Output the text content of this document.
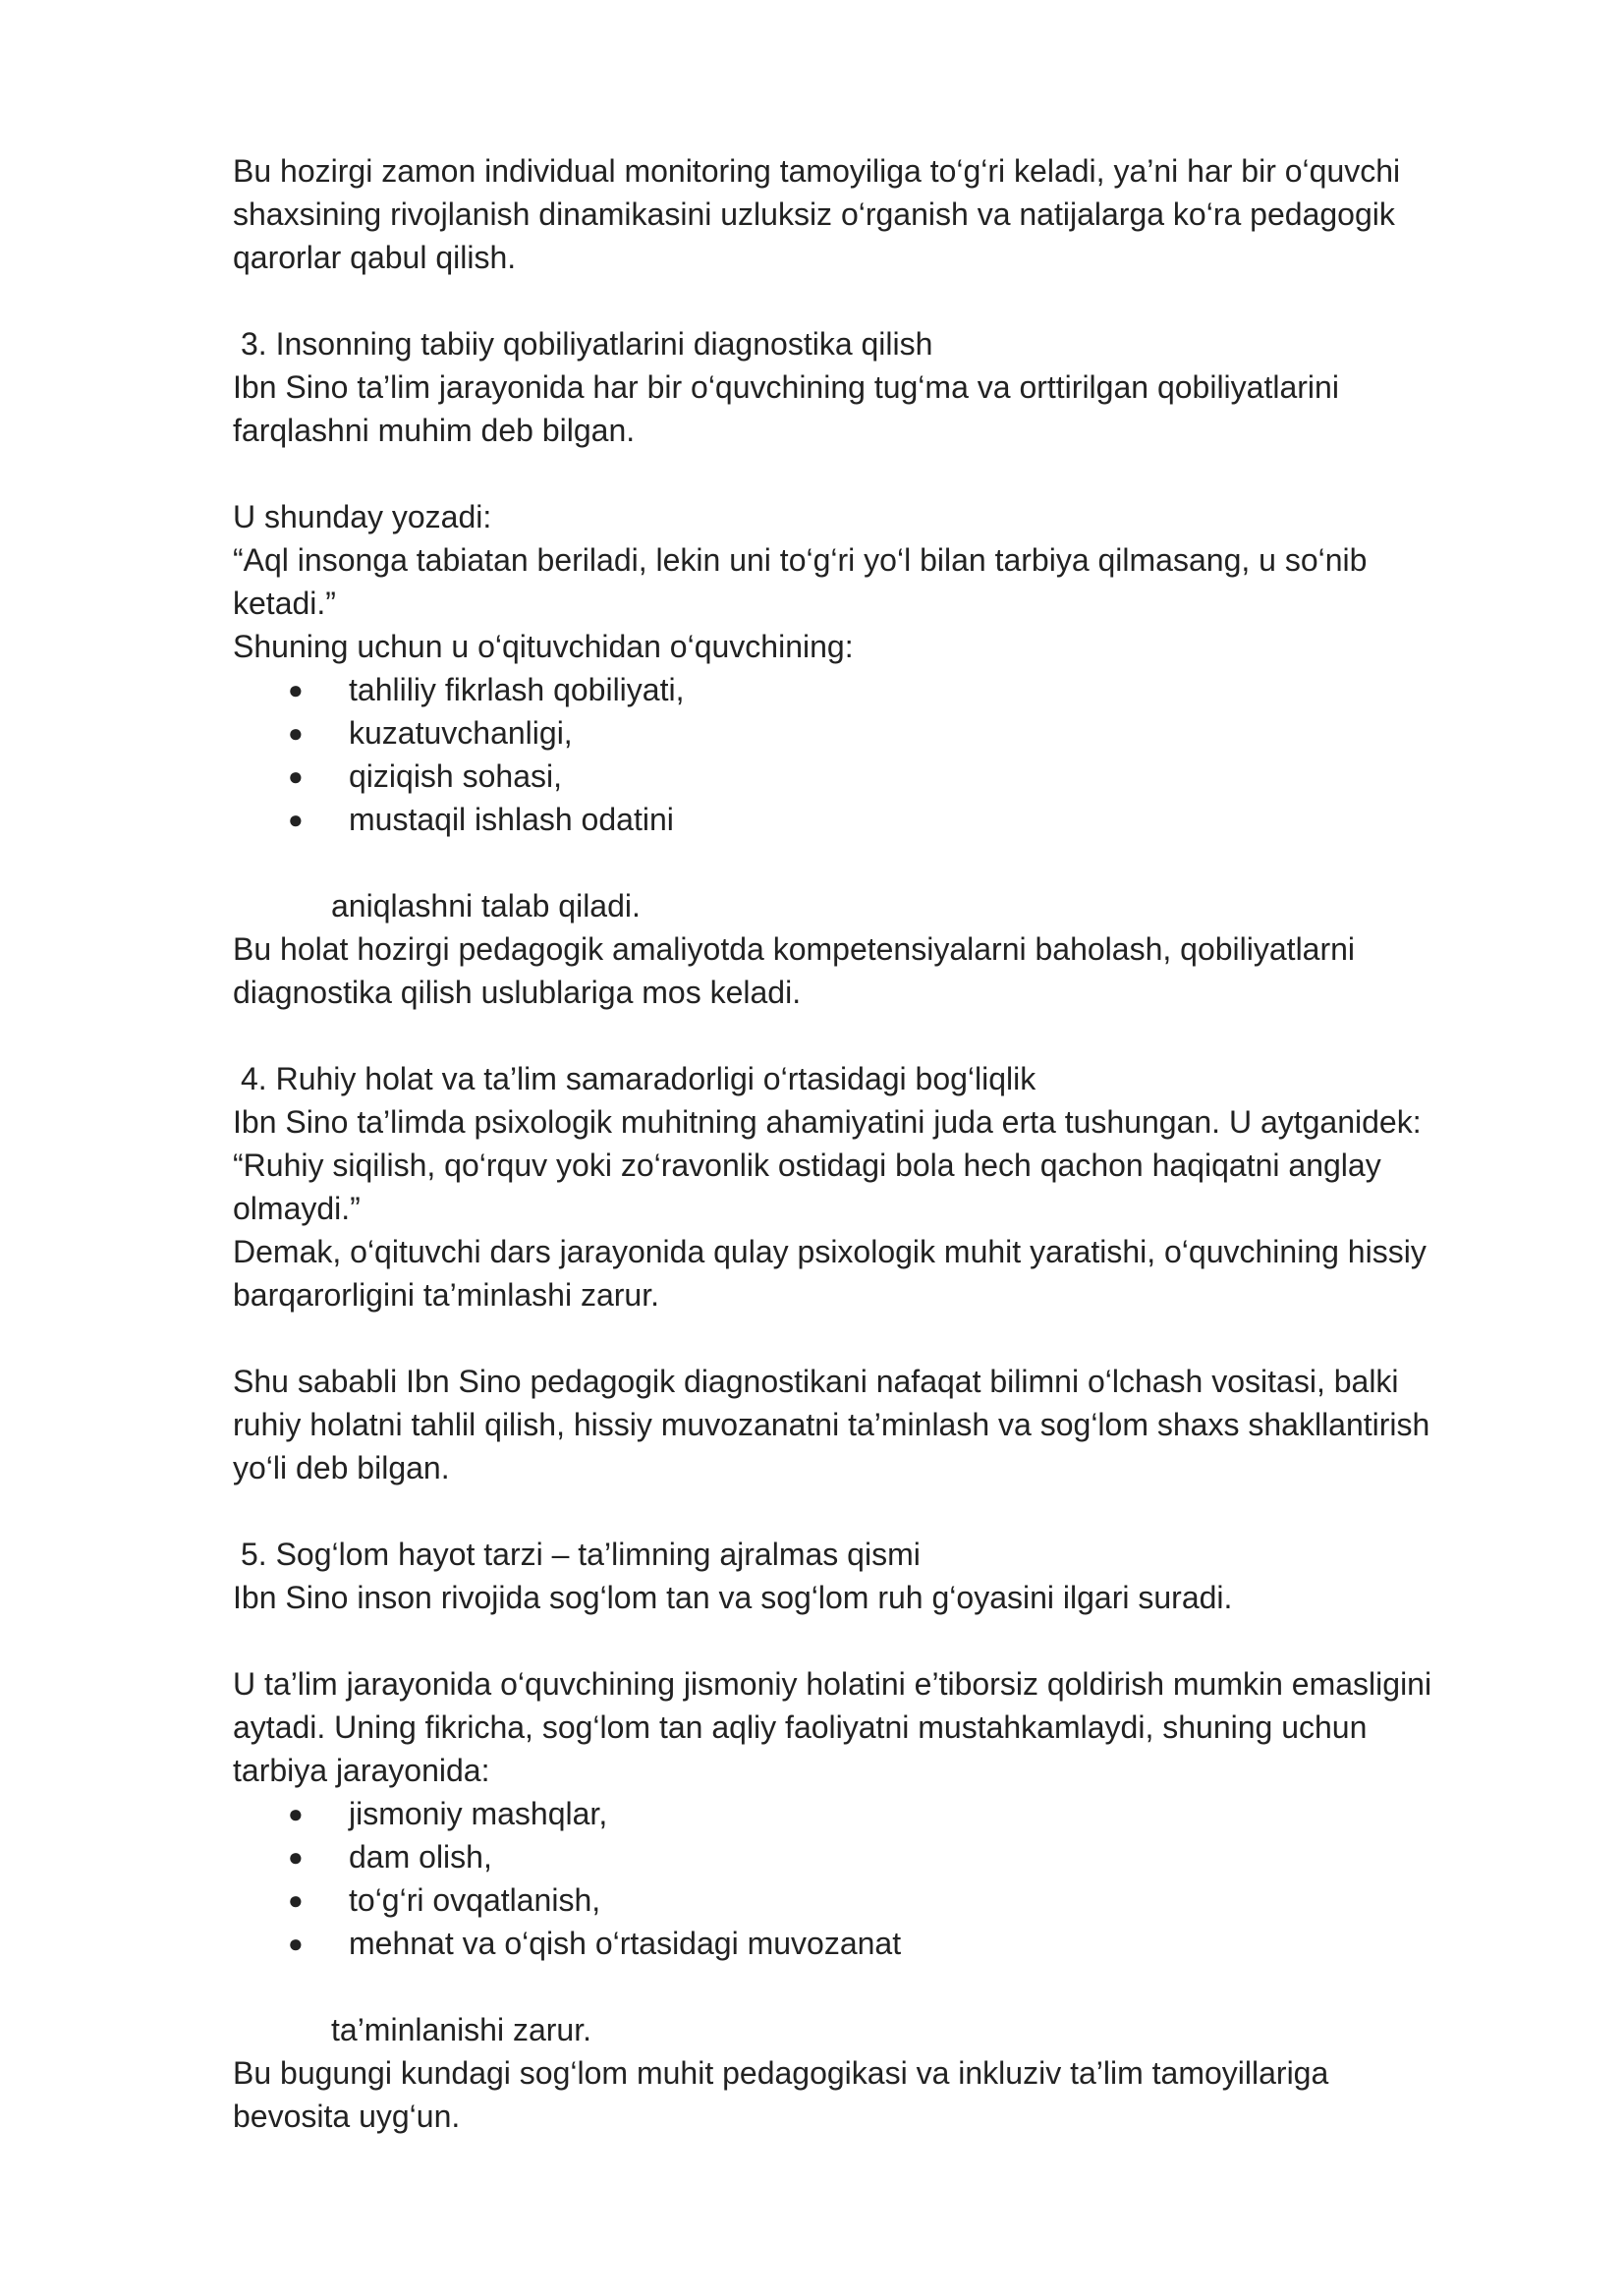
Bu hozirgi zamon individual monitoring tamoyiliga to‘g‘ri keladi, ya’ni har bir o‘quvchi
shaxsining rivojlanish dinamikasini uzluksiz o‘rganish va natijalarga ko‘ra pedagogik
qarorlar qabul qilish.
3. Insonning tabiiy qobiliyatlarini diagnostika qilish
Ibn Sino ta’lim jarayonida har bir o‘quvchining tug‘ma va orttirilgan qobiliyatlarini
farqlashni muhim deb bilgan.
U shunday yozadi:
“Aql insonga tabiatan beriladi, lekin uni to‘g‘ri yo‘l bilan tarbiya qilmasang, u so‘nib
ketadi.”
Shuning uchun u o‘qituvchidan o‘quvchining:
● tahliliy fikrlash qobiliyati,
● kuzatuvchanligi,
● qiziqish sohasi,
● mustaqil ishlash odatini
aniqlashni talab qiladi.
Bu holat hozirgi pedagogik amaliyotda kompetensiyalarni baholash, qobiliyatlarni
diagnostika qilish uslublariga mos keladi.
4. Ruhiy holat va ta’lim samaradorligi o‘rtasidagi bog‘liqlik
Ibn Sino ta’limda psixologik muhitning ahamiyatini juda erta tushungan. U aytganidek:
“Ruhiy siqilish, qo‘rquv yoki zo‘ravonlik ostidagi bola hech qachon haqiqatni anglay
olmaydi.”
Demak, o‘qituvchi dars jarayonida qulay psixologik muhit yaratishi, o‘quvchining hissiy
barqarorligini ta’minlashi zarur.
Shu sababli Ibn Sino pedagogik diagnostikani nafaqat bilimni o‘lchash vositasi, balki
ruhiy holatni tahlil qilish, hissiy muvozanatni ta’minlash va sog‘lom shaxs shakllantirish
yo‘li deb bilgan.
5. Sog‘lom hayot tarzi – ta’limning ajralmas qismi
Ibn Sino inson rivojida sog‘lom tan va sog‘lom ruh g‘oyasini ilgari suradi.
U ta’lim jarayonida o‘quvchining jismoniy holatini e’tiborsiz qoldirish mumkin emasligini
aytadi. Uning fikricha, sog‘lom tan aqliy faoliyatni mustahkamlaydi, shuning uchun
tarbiya jarayonida:
● jismoniy mashqlar,
● dam olish,
● to‘g‘ri ovqatlanish,
● mehnat va o‘qish o‘rtasidagi muvozanat
ta’minlanishi zarur.
Bu bugungi kundagi sog‘lom muhit pedagogikasi va inkluziv ta’lim tamoyillariga
bevosita uyg‘un.
